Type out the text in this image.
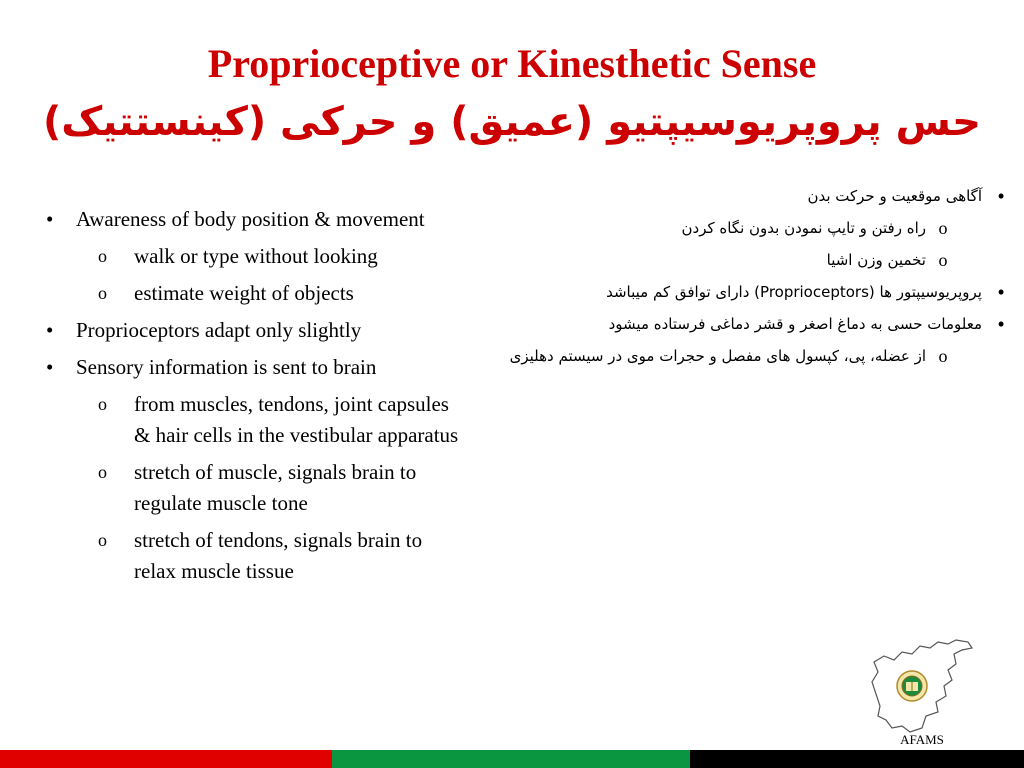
Proprioceptive or Kinesthetic Sense
حس پروپریوسیپتیو (عمیق) و حرکی (کینستتیک)
•	Awareness of body position & movement
o	walk or type without looking
o	estimate weight of objects
•	Proprioceptors adapt only slightly
•	Sensory information is sent to brain
o	from muscles, tendons, joint capsules & hair cells in the vestibular apparatus
o	stretch of muscle, signals brain to regulate muscle tone
o	stretch of tendons, signals brain to relax muscle tissue
•
آگاهی موقعیت و حرکت بدن
o
راه رفتن و تایپ نمودن بدون نگاه کردن
o
تخمین وزن اشیا
•
پروپریوسیپتور ها (Proprioceptors) دارای توافق کم میباشد
•
معلومات حسی به دماغ اصغر و قشر دماغی فرستاده میشود
o
از عضله، پی، کپسول های مفصل و حجرات موی در سیستم دهلیزی
AFAMS
